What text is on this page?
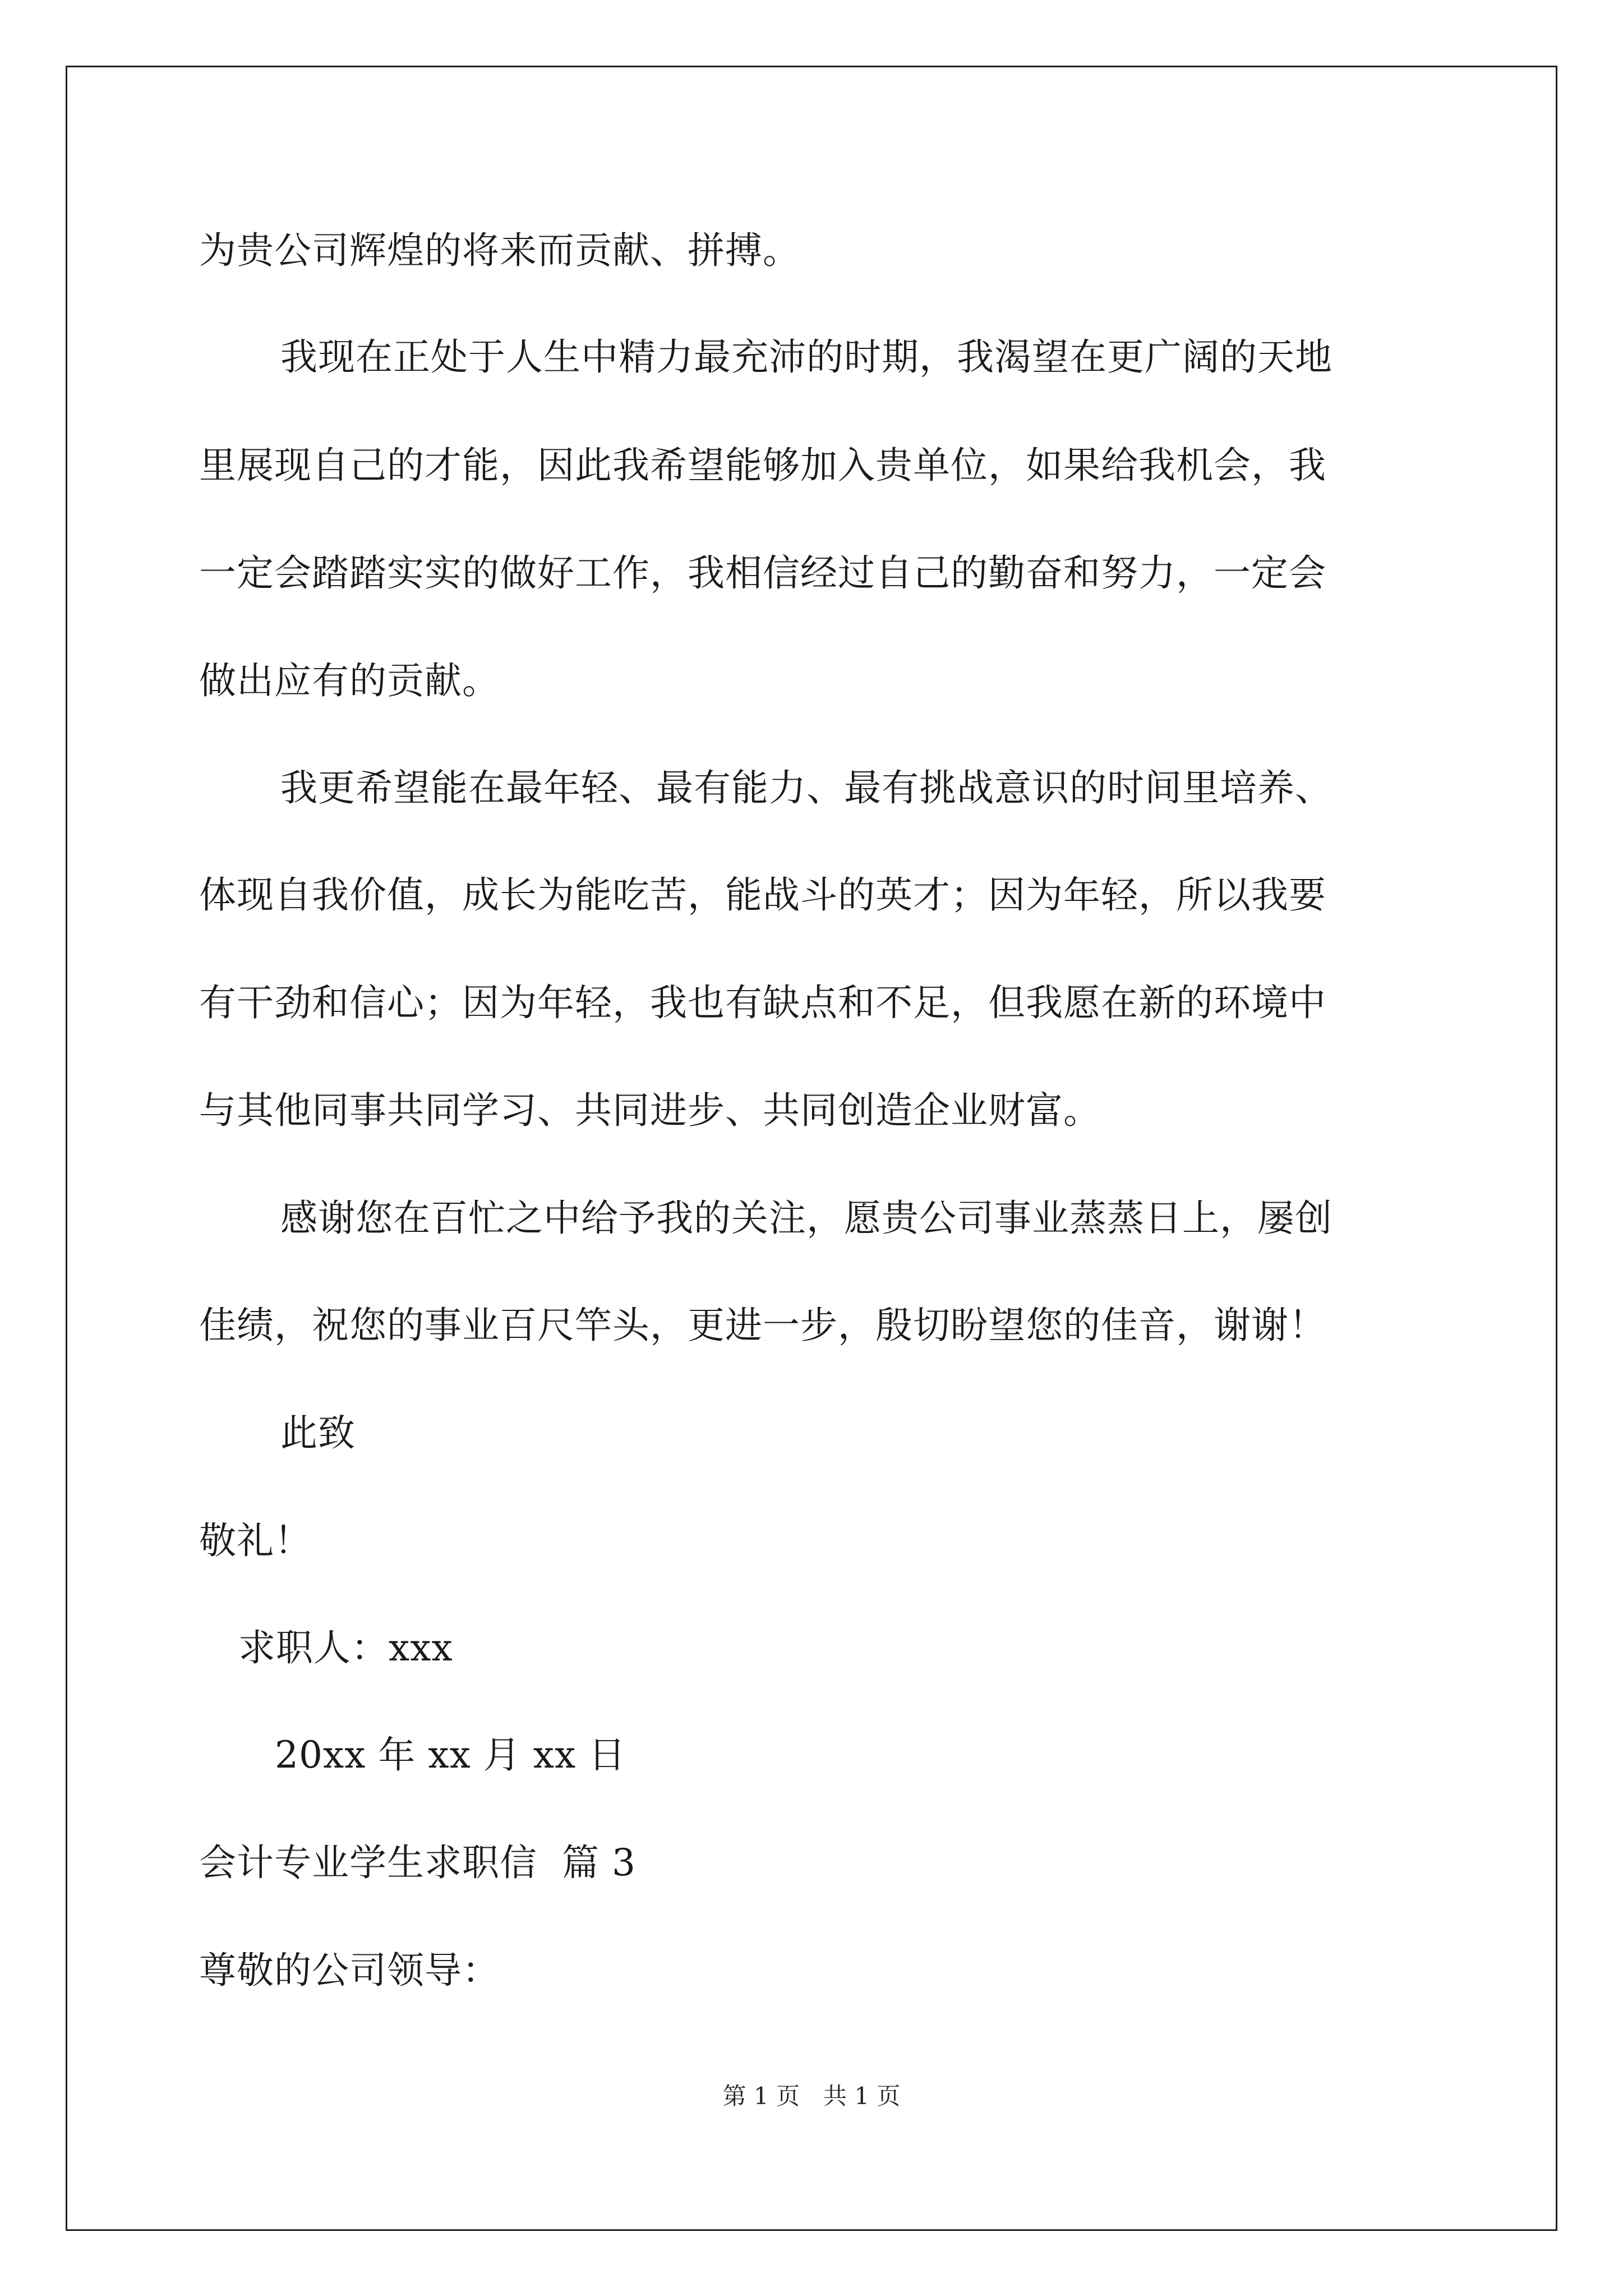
为贵公司辉煌的将来而贡献、拼搏。
我现在正处于人生中精力最充沛的时期，我渴望在更广阔的天地
里展现自己的才能，因此我希望能够加入贵单位，如果给我机会，我
一定会踏踏实实的做好工作，我相信经过自己的勤奋和努力，一定会
做出应有的贡献。
我更希望能在最年轻、最有能力、最有挑战意识的时间里培养、
体现自我价值，成长为能吃苦，能战斗的英才；因为年轻，所以我要
有干劲和信心；因为年轻，我也有缺点和不足，但我愿在新的环境中
与其他同事共同学习、共同进步、共同创造企业财富。
感谢您在百忙之中给予我的关注，愿贵公司事业蒸蒸日上，屡创
佳绩，祝您的事业百尺竿头，更进一步，殷切盼望您的佳音，谢谢！
此致
敬礼！
求职人：xxx
20xx 年 xx 月 xx 日
会计专业学生求职信  篇 3
尊敬的公司领导：
第 1 页 共 1 页
